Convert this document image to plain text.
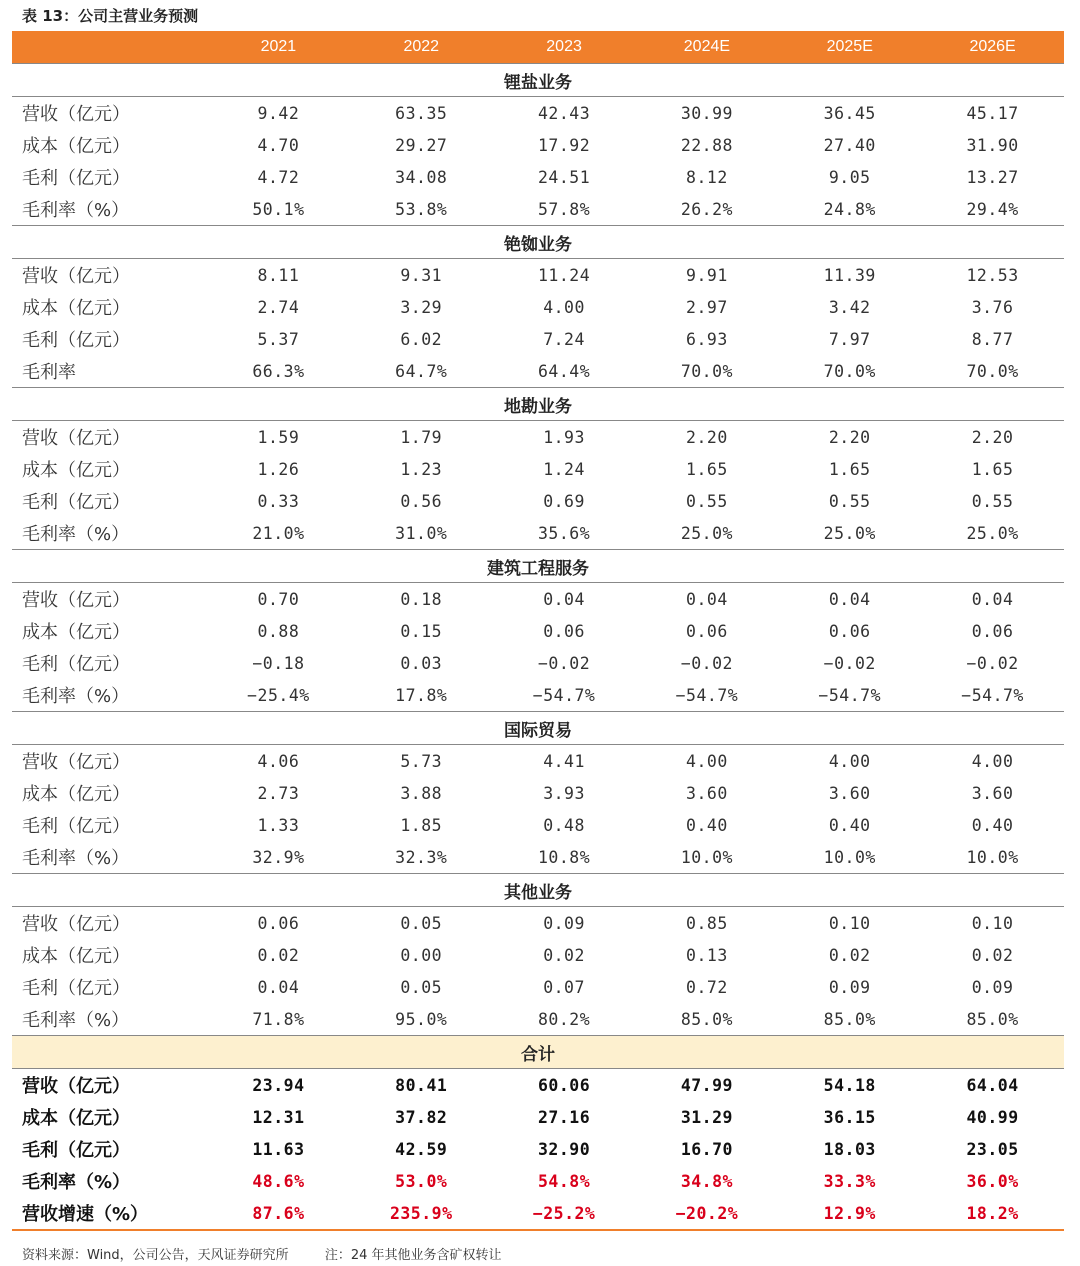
表 13：公司主营业务预测
	2021	2022	2023	2024E	2025E	2026E
锂盐业务						
营收（亿元）	9.42	63.35	42.43	30.99	36.45	45.17
成本（亿元）	4.70	29.27	17.92	22.88	27.40	31.90
毛利（亿元）	4.72	34.08	24.51	8.12	9.05	13.27
毛利率（%）	50.1%	53.8%	57.8%	26.2%	24.8%	29.4%
铯铷业务						
营收（亿元）	8.11	9.31	11.24	9.91	11.39	12.53
成本（亿元）	2.74	3.29	4.00	2.97	3.42	3.76
毛利（亿元）	5.37	6.02	7.24	6.93	7.97	8.77
毛利率	66.3%	64.7%	64.4%	70.0%	70.0%	70.0%
地勘业务						
营收（亿元）	1.59	1.79	1.93	2.20	2.20	2.20
成本（亿元）	1.26	1.23	1.24	1.65	1.65	1.65
毛利（亿元）	0.33	0.56	0.69	0.55	0.55	0.55
毛利率（%）	21.0%	31.0%	35.6%	25.0%	25.0%	25.0%
建筑工程服务						
营收（亿元）	0.70	0.18	0.04	0.04	0.04	0.04
成本（亿元）	0.88	0.15	0.06	0.06	0.06	0.06
毛利（亿元）	−0.18	0.03	−0.02	−0.02	−0.02	−0.02
毛利率（%）	−25.4%	17.8%	−54.7%	−54.7%	−54.7%	−54.7%
国际贸易						
营收（亿元）	4.06	5.73	4.41	4.00	4.00	4.00
成本（亿元）	2.73	3.88	3.93	3.60	3.60	3.60
毛利（亿元）	1.33	1.85	0.48	0.40	0.40	0.40
毛利率（%）	32.9%	32.3%	10.8%	10.0%	10.0%	10.0%
其他业务						
营收（亿元）	0.06	0.05	0.09	0.85	0.10	0.10
成本（亿元）	0.02	0.00	0.02	0.13	0.02	0.02
毛利（亿元）	0.04	0.05	0.07	0.72	0.09	0.09
毛利率（%）	71.8%	95.0%	80.2%	85.0%	85.0%	85.0%
合计						
营收（亿元）	23.94	80.41	60.06	47.99	54.18	64.04
成本（亿元）	12.31	37.82	27.16	31.29	36.15	40.99
毛利（亿元）	11.63	42.59	32.90	16.70	18.03	23.05
毛利率（%）	48.6%	53.0%	54.8%	34.8%	33.3%	36.0%
营收增速（%）	87.6%	235.9%	−25.2%	−20.2%	12.9%	18.2%
资料来源：Wind，公司公告，天风证券研究所	注：24 年其他业务含矿权转让
